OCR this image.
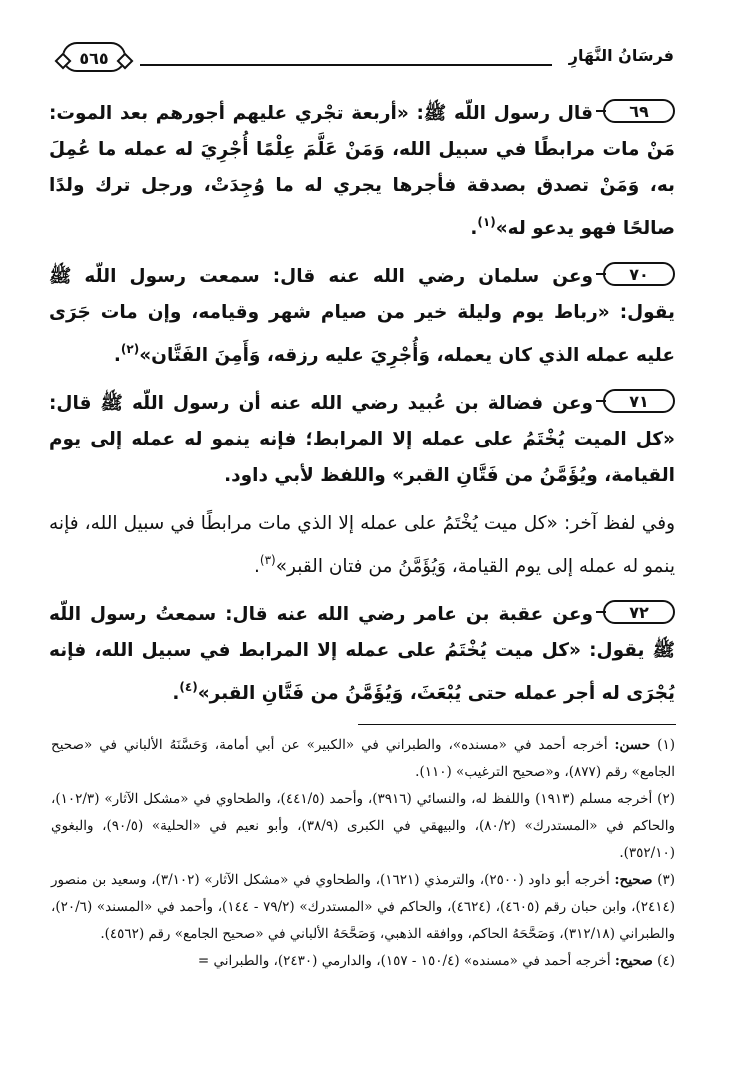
فرسَانُ النَّهَارِ
٥٦٥

٦٩قال رسول اللّه ﷺ: «أربعة تجْري عليهم أجورهم بعد الموت: مَنْ مات مرابطًا في سبيل الله، وَمَنْ عَلَّمَ عِلْمًا أُجْرِيَ له عمله ما عُمِلَ به، وَمَنْ تصدق بصدقة فأجرها يجري له ما وُجِدَتْ، ورجل ترك ولدًا صالحًا فهو يدعو له»$^{(١)}$.

٧٠وعن سلمان رضي الله عنه قال: سمعت رسول اللّه ﷺ يقول: «رباط يوم وليلة خير من صيام شهر وقيامه، وإن مات جَرَى عليه عمله الذي كان يعمله، وَأُجْرِيَ عليه رزقه، وَأَمِنَ الفَتَّان»$^{(٢)}$.

٧١وعن فضالة بن عُبيد رضي الله عنه أن رسول اللّه ﷺ قال: «كل الميت يُخْتَمُ على عمله إلا المرابط؛ فإنه ينمو له عمله إلى يوم القيامة، ويُؤَمَّنُ من فَتَّانِ القبر» واللفظ لأبي داود.

وفي لفظ آخر: «كل ميت يُخْتَمُ على عمله إلا الذي مات مرابطًا في سبيل الله، فإنه ينمو له عمله إلى يوم القيامة، وَيُؤَمَّنُ من فتان القبر»$^{(٣)}$.

٧٢وعن عقبة بن عامر رضي الله عنه قال: سمعتُ رسول اللّه ﷺ يقول: «كل ميت يُخْتَمُ على عمله إلا المرابط في سبيل الله، فإنه يُجْرَى له أجر عمله حتى يُبْعَثَ، وَيُؤَمَّنُ من فَتَّانِ القبر»$^{(٤)}$.

(١) حسن: أخرجه أحمد في «مسنده»، والطبراني في «الكبير» عن أبي أمامة، وَحَسَّنَهُ الألباني في «صحيح الجامع» رقم (٨٧٧)، و«صحيح الترغيب» (١١٠).

(٢) أخرجه مسلم (١٩١٣) واللفظ له، والنسائي (٣٩١٦)، وأحمد (٤٤١/٥)، والطحاوي في «مشكل الآثار» (١٠٢/٣)، والحاكم في «المستدرك» (٨٠/٢)، والبيهقي في الكبرى (٣٨/٩)، وأبو نعيم في «الحلية» (٩٠/٥)، والبغوي (٣٥٢/١٠).

(٣) صحيح: أخرجه أبو داود (٢٥٠٠)، والترمذي (١٦٢١)، والطحاوي في «مشكل الآثار» (٣/١٠٢)، وسعيد بن منصور (٢٤١٤)، وابن حبان رقم (٤٦٠٥)، (٤٦٢٤)، والحاكم في «المستدرك» (٧٩/٢ - ١٤٤)، وأحمد في «المسند» (٢٠/٦)، والطبراني (٣١٢/١٨)، وَصَحَّحَهُ الحاكم، ووافقه الذهبي، وَصَحَّحَهُ الألباني في «صحيح الجامع» رقم (٤٥٦٢).

(٤) صحيح: أخرجه أحمد في «مسنده» (١٥٠/٤ - ١٥٧)، والدارمي (٢٤٣٠)، والطبراني =
